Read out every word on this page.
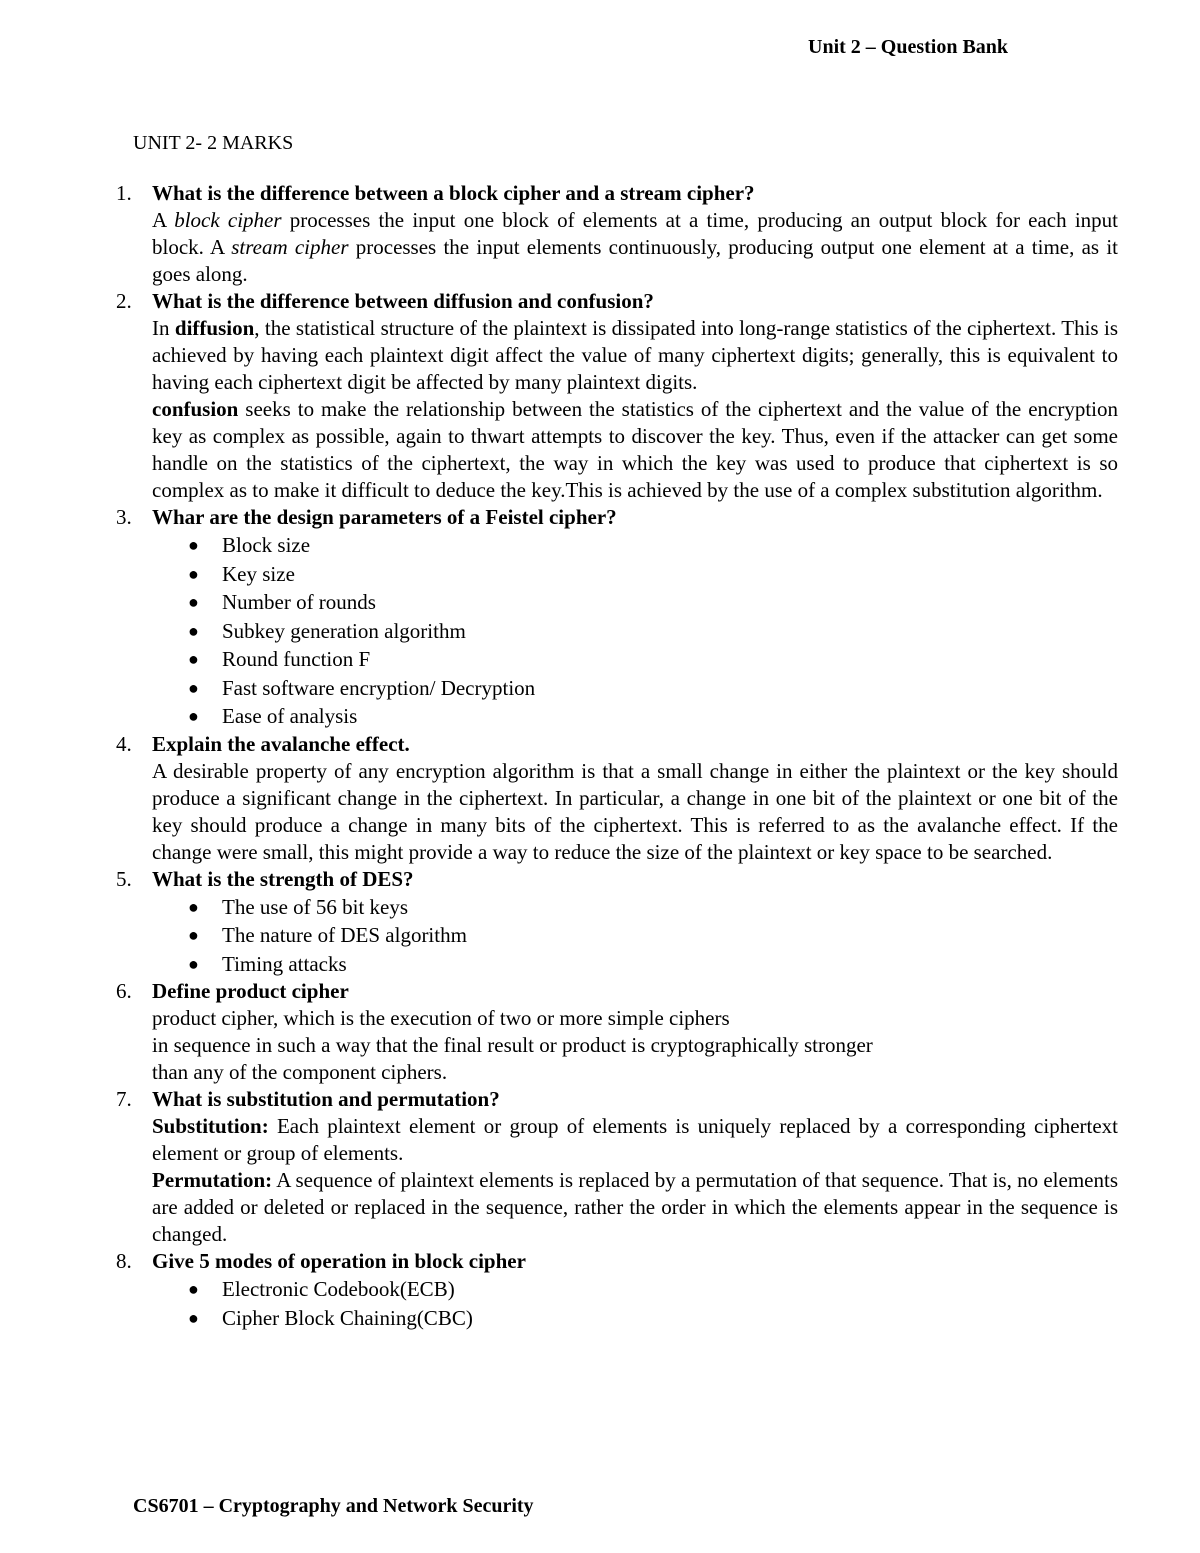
Unit 2 – Question Bank
UNIT 2- 2 MARKS
1. What is the difference between a block cipher and a stream cipher?
A block cipher processes the input one block of elements at a time, producing an output block for each input block. A stream cipher processes the input elements continuously, producing output one element at a time, as it goes along.
2. What is the difference between diffusion and confusion?
In diffusion, the statistical structure of the plaintext is dissipated into long-range statistics of the ciphertext. This is achieved by having each plaintext digit affect the value of many ciphertext digits; generally, this is equivalent to having each ciphertext digit be affected by many plaintext digits.
confusion seeks to make the relationship between the statistics of the ciphertext and the value of the encryption key as complex as possible, again to thwart attempts to discover the key. Thus, even if the attacker can get some handle on the statistics of the ciphertext, the way in which the key was used to produce that ciphertext is so complex as to make it difficult to deduce the key.This is achieved by the use of a complex substitution algorithm.
3. Whar are the design parameters of a Feistel cipher?
● Block size
● Key size
● Number of rounds
● Subkey generation algorithm
● Round function F
● Fast software encryption/ Decryption
● Ease of analysis
4. Explain the avalanche effect.
A desirable property of any encryption algorithm is that a small change in either the plaintext or the key should produce a significant change in the ciphertext. In particular, a change in one bit of the plaintext or one bit of the key should produce a change in many bits of the ciphertext. This is referred to as the avalanche effect. If the change were small, this might provide a way to reduce the size of the plaintext or key space to be searched.
5. What is the strength of DES?
● The use of 56 bit keys
● The nature of DES algorithm
● Timing attacks
6. Define product cipher
product cipher, which is the execution of two or more simple ciphers
in sequence in such a way that the final result or product is cryptographically stronger
than any of the component ciphers.
7. What is substitution and permutation?
Substitution: Each plaintext element or group of elements is uniquely replaced by a corresponding ciphertext element or group of elements.
Permutation: A sequence of plaintext elements is replaced by a permutation of that sequence. That is, no elements are added or deleted or replaced in the sequence, rather the order in which the elements appear in the sequence is changed.
8. Give 5 modes of operation in block cipher
● Electronic Codebook(ECB)
● Cipher Block Chaining(CBC)
CS6701 – Cryptography and Network Security
